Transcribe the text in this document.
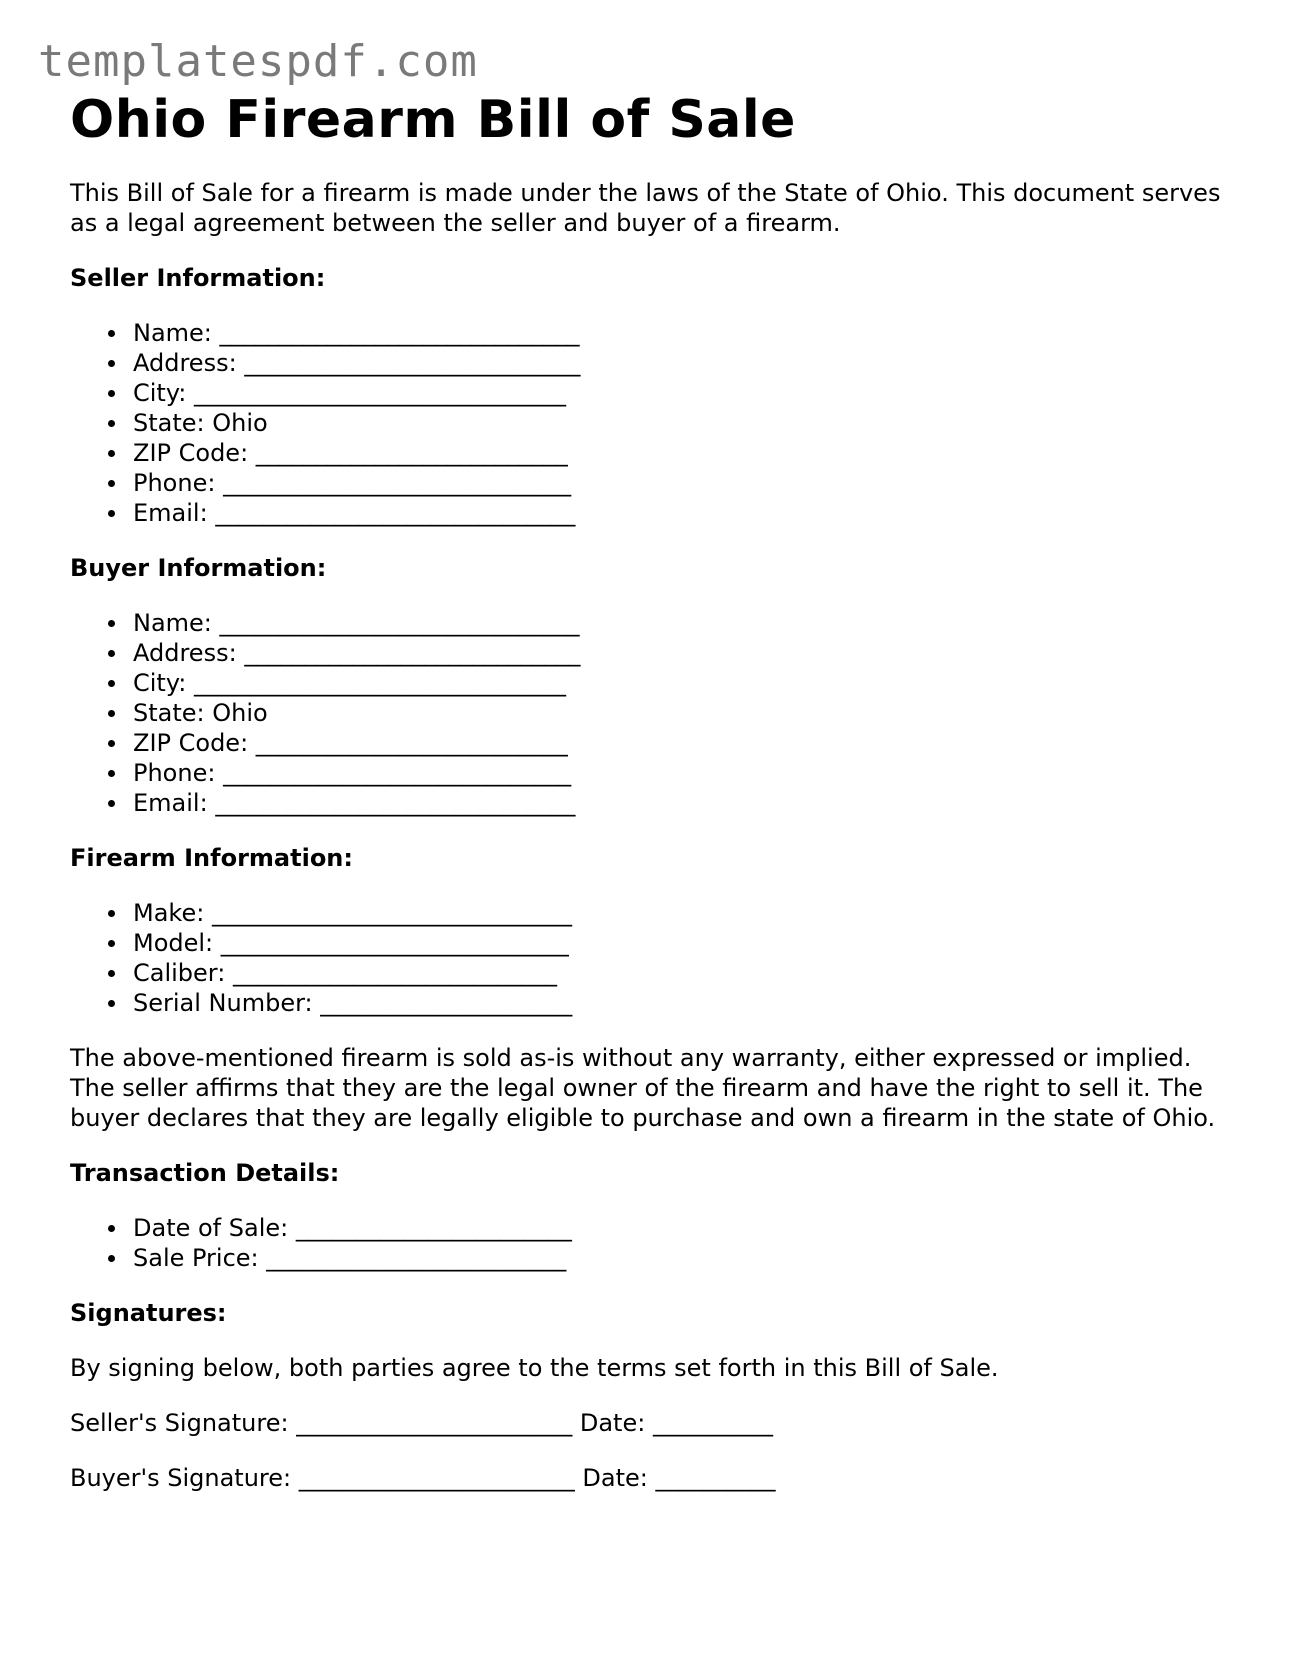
templatespdf.com
Ohio Firearm Bill of Sale

This Bill of Sale for a firearm is made under the laws of the State of Ohio. This document serves as a legal agreement between the seller and buyer of a firearm.

Seller Information:
Name: ______________________________
Address: ____________________________
City: _______________________________
State: Ohio
ZIP Code: __________________________
Phone: _____________________________
Email: ______________________________
Buyer Information:
Name: ______________________________
Address: ____________________________
City: _______________________________
State: Ohio
ZIP Code: __________________________
Phone: _____________________________
Email: ______________________________
Firearm Information:
Make: ______________________________
Model: _____________________________
Caliber: ___________________________
Serial Number: _____________________

The above-mentioned firearm is sold as-is without any warranty, either expressed or implied. The seller affirms that they are the legal owner of the firearm and have the right to sell it. The buyer declares that they are legally eligible to purchase and own a firearm in the state of Ohio.

Transaction Details:
Date of Sale: _______________________
Sale Price: _________________________
Signatures:

By signing below, both parties agree to the terms set forth in this Bill of Sale.

Seller's Signature: _______________________ Date: __________
Buyer's Signature: _______________________ Date: __________
